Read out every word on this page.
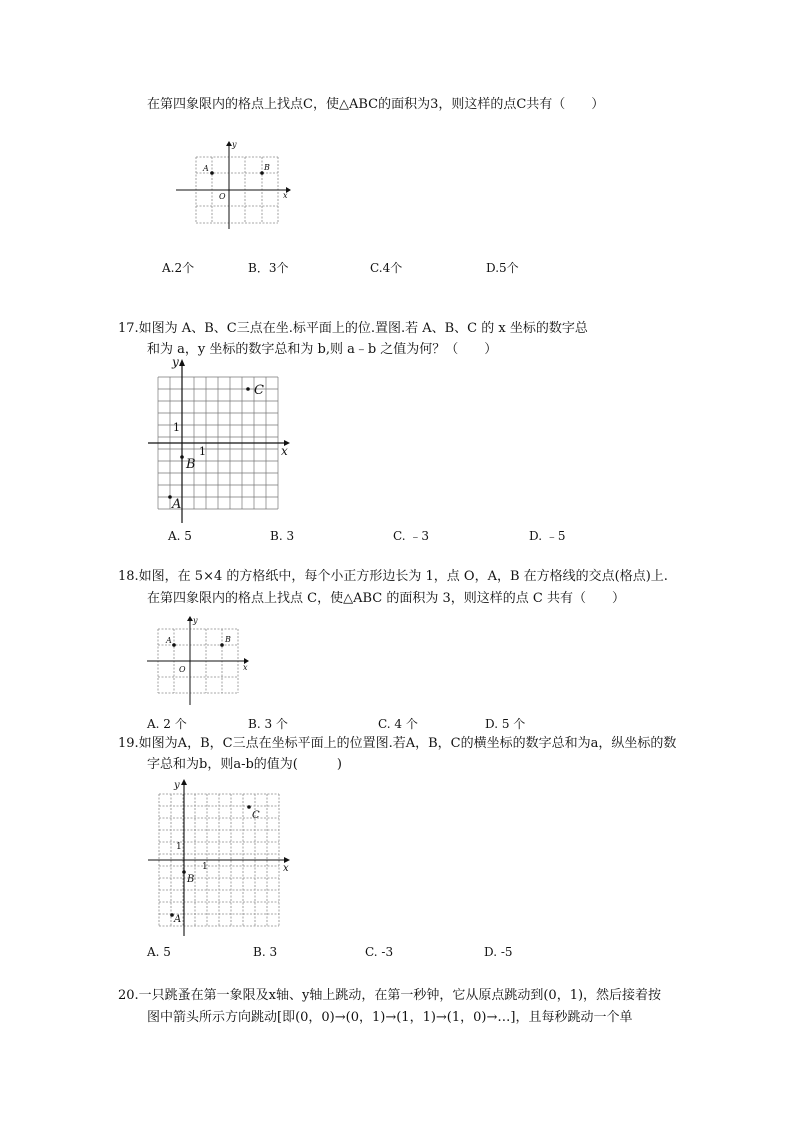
在第四象限内的格点上找点C，使△ABC的面积为3，则这样的点C共有（　　）
A	B
O	x
y
A.2个	B．3个	C.4个	D.5个
17.如图为 A、B、C三点在坐.标平面上的位.置图.若 A、B、C 的 x 坐标的数字总
和为 a，y 坐标的数字总和为 b,则 a﹣b 之值为何？（　　）
C
B
A
1
1	x
y
A. 5	B. 3	C. ﹣3	D. ﹣5
18.如图，在 5×4 的方格纸中，每个小正方形边长为 1，点 O，A，B 在方格线的交点(格点)上.
在第四象限内的格点上找点 C，使△ABC 的面积为 3，则这样的点 C 共有（　　）
A	B
O	x
y
A. 2 个	B. 3 个	C. 4 个	D. 5 个
19.如图为A，B，C三点在坐标平面上的位置图.若A，B，C的横坐标的数字总和为a，纵坐标的数
字总和为b，则a-b的值为(　　　)
C
B
A
1
1	x
y
A. 5	B. 3	C. -3	D. -5
20.一只跳蚤在第一象限及x轴、y轴上跳动，在第一秒钟，它从原点跳动到(0，1)，然后接着按
图中箭头所示方向跳动[即(0，0)→(0，1)→(1，1)→(1，0)→…]，且每秒跳动一个单
